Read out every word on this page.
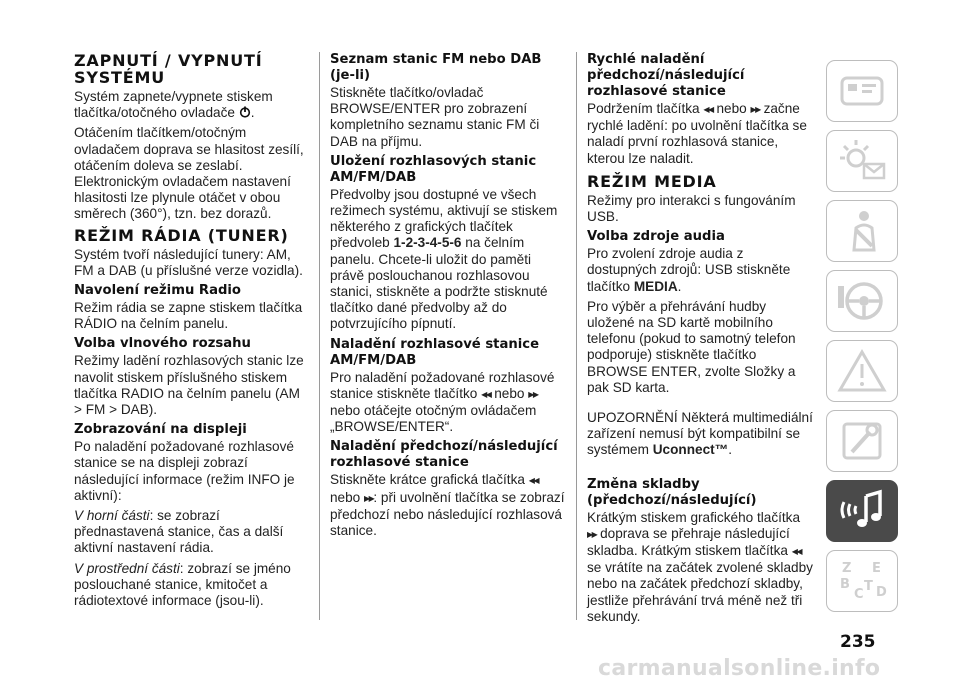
ZAPNUTÍ / VYPNUTÍ SYSTÉMU

Systém zapnete/vypnete stiskem tlačítka/otočného ovladače .

Otáčením tlačítkem/otočným ovladačem doprava se hlasitost zesílí, otáčením doleva se zeslabí. Elektronickým ovladačem nastavení hlasitosti lze plynule otáčet v obou směrech (360°), tzn. bez dorazů.

REŽIM RÁDIA (TUNER)

Systém tvoří následující tunery: AM, FM a DAB (u příslušné verze vozidla).

Navolení režimu Radio

Režim rádia se zapne stiskem tlačítka RÁDIO na čelním panelu.

Volba vlnového rozsahu

Režimy ladění rozhlasových stanic lze navolit stiskem příslušného stiskem tlačítka RADIO na čelním panelu (AM > FM > DAB).

Zobrazování na displeji

Po naladění požadované rozhlasové stanice se na displeji zobrazí následující informace (režim INFO je aktivní):

V horní části: se zobrazí přednastavená stanice, čas a další aktivní nastavení rádia.

V prostřední části: zobrazí se jméno poslouchané stanice, kmitočet a rádiotextové informace (jsou-li).

Seznam stanic FM nebo DAB (je-li)

Stiskněte tlačítko/ovladač BROWSE/ENTER pro zobrazení kompletního seznamu stanic FM či DAB na příjmu.

Uložení rozhlasových stanic AM/FM/DAB

Předvolby jsou dostupné ve všech režimech systému, aktivují se stiskem některého z grafických tlačítek předvoleb 1-2-3-4-5-6 na čelním panelu. Chcete-li uložit do paměti právě poslouchanou rozhlasovou stanici, stiskněte a podržte stisknuté tlačítko dané předvolby až do potvrzujícího pípnutí.

Naladění rozhlasové stanice AM/FM/DAB

Pro naladění požadované rozhlasové stanice stiskněte tlačítko ◀◀ nebo ▶▶ nebo otáčejte otočným ovládačem „BROWSE/ENTER“.

Naladění předchozí/následující rozhlasové stanice

Stiskněte krátce grafická tlačítka ◀◀ nebo ▶▶: při uvolnění tlačítka se zobrazí předchozí nebo následující rozhlasová stanice.

Rychlé naladění předchozí/následující rozhlasové stanice

Podržením tlačítka ◀◀ nebo ▶▶ začne rychlé ladění: po uvolnění tlačítka se naladí první rozhlasová stanice, kterou lze naladit.

REŽIM MEDIA

Režimy pro interakci s fungováním USB.

Volba zdroje audia

Pro zvolení zdroje audia z dostupných zdrojů: USB stiskněte tlačítko MEDIA.

Pro výběr a přehrávání hudby uložené na SD kartě mobilního telefonu (pokud to samotný telefon podporuje) stiskněte tlačítko BROWSE ENTER, zvolte Složky a pak SD karta.

UPOZORNĚNÍ Některá multimediální zařízení nemusí být kompatibilní se systémem Uconnect™.

Změna skladby (předchozí/následující)

Krátkým stiskem grafického tlačítka
▶▶ doprava se přehraje následující skladba. Krátkým stiskem tlačítka ◀◀ se vrátíte na začátek zvolené skladby nebo na začátek předchozí skladby, jestliže přehrávání trvá méně než tři sekundy.

Z E
B
C
T D
235
carmanualsonline.info
